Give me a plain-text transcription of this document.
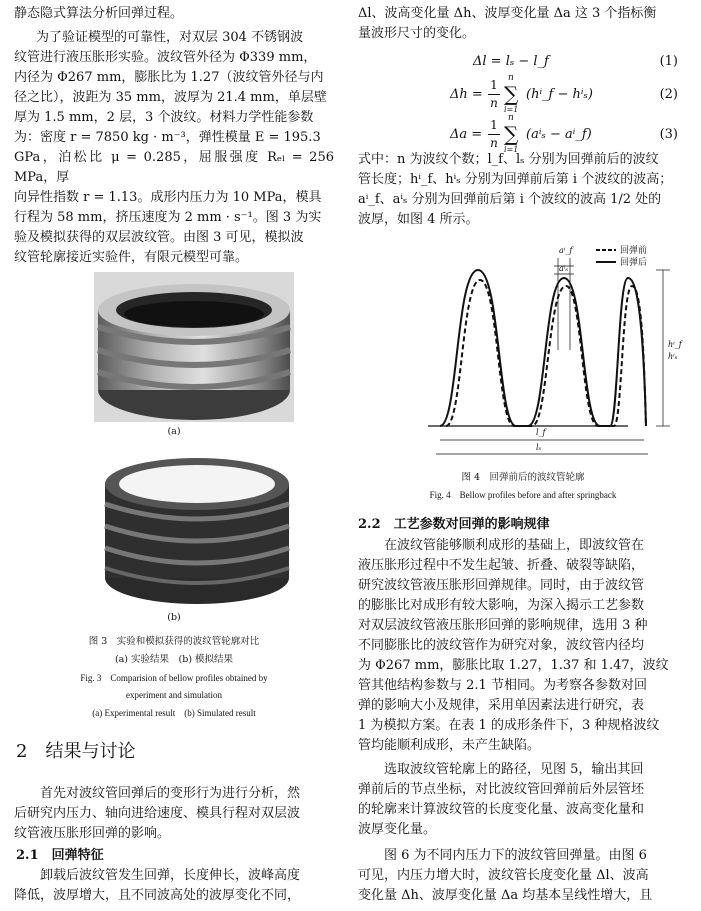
静态隐式算法分析回弹过程。

为了验证模型的可靠性，对双层 304 不锈钢波

纹管进行液压胀形实验。波纹管外径为 Φ339 mm，

内径为 Φ267 mm，膨胀比为 1.27（波纹管外径与内

径之比），波距为 35 mm，波厚为 21.4 mm，单层壁

厚为 1.5 mm，2 层，3 个波纹。材料力学性能参数

为：密度 r = 7850 kg · m⁻³，弹性模量 E = 195.3

GPa，泊松比 μ = 0.285，屈服强度 Rₑₗ = 256 MPa，厚

向异性指数 r = 1.13。成形内压力为 10 MPa，模具

行程为 58 mm，挤压速度为 2 mm · s⁻¹。图 3 为实

验及模拟获得的双层波纹管。由图 3 可见，模拟波

纹管轮廓接近实验件，有限元模型可靠。

(a)

(b)

图 3　实验和模拟获得的波纹管轮廓对比

(a) 实验结果　(b) 模拟结果

Fig. 3　Comparision of bellow profiles obtained by

experiment and simulation

(a) Experimental result　(b) Simulated result

2　结果与讨论

首先对波纹管回弹后的变形行为进行分析，然

后研究内压力、轴向进给速度、模具行程对双层波

纹管液压胀形回弹的影响。

2.1　回弹特征

卸载后波纹管发生回弹，长度伸长，波峰高度

降低，波厚增大，且不同波高处的波厚变化不同，

Δl、波高变化量 Δh、波厚变化量 Δa 这 3 个指标衡

量波形尺寸的变化。

Δl = lₛ − l_f	(1)
Δh =
1
n
n
∑
i=1
(hⁱ_f − hⁱₛ)	(2)
Δa =
1
n
n
∑
i=1
(aⁱₛ − aⁱ_f)	(3)

式中：n 为波纹个数；l_f、lₛ 分别为回弹前后的波纹

管长度；hⁱ_f、hⁱₛ 分别为回弹前后第 i 个波纹的波高；

aⁱ_f、aⁱₛ 分别为回弹前后第 i 个波纹的波高 1/2 处的

波厚，如图 4 所示。

回弹前
回弹后
aⁱ_f
aⁱₛ
hⁱ_f
hⁱₛ
l_f
lₛ

图 4　回弹前后的波纹管轮廓

Fig. 4　Bellow profiles before and after springback

2.2　工艺参数对回弹的影响规律

在波纹管能够顺利成形的基础上，即波纹管在

液压胀形过程中不发生起皱、折叠、破裂等缺陷，

研究波纹管液压胀形回弹规律。同时，由于波纹管

的膨胀比对成形有较大影响，为深入揭示工艺参数

对双层波纹管液压胀形回弹的影响规律，选用 3 种

不同膨胀比的波纹管作为研究对象，波纹管内径均

为 Φ267 mm，膨胀比取 1.27，1.37 和 1.47，波纹

管其他结构参数与 2.1 节相同。为考察各参数对回

弹的影响大小及规律，采用单因素法进行研究，表

1 为模拟方案。在表 1 的成形条件下，3 种规格波纹

管均能顺利成形，未产生缺陷。

选取波纹管轮廓上的路径，见图 5，输出其回

弹前后的节点坐标，对比波纹管回弹前后外层管坯

的轮廓来计算波纹管的长度变化量、波高变化量和

波厚变化量。

图 6 为不同内压力下的波纹管回弹量。由图 6

可见，内压力增大时，波纹管长度变化量 Δl、波高

变化量 Δh、波厚变化量 Δa 均基本呈线性增大，且
